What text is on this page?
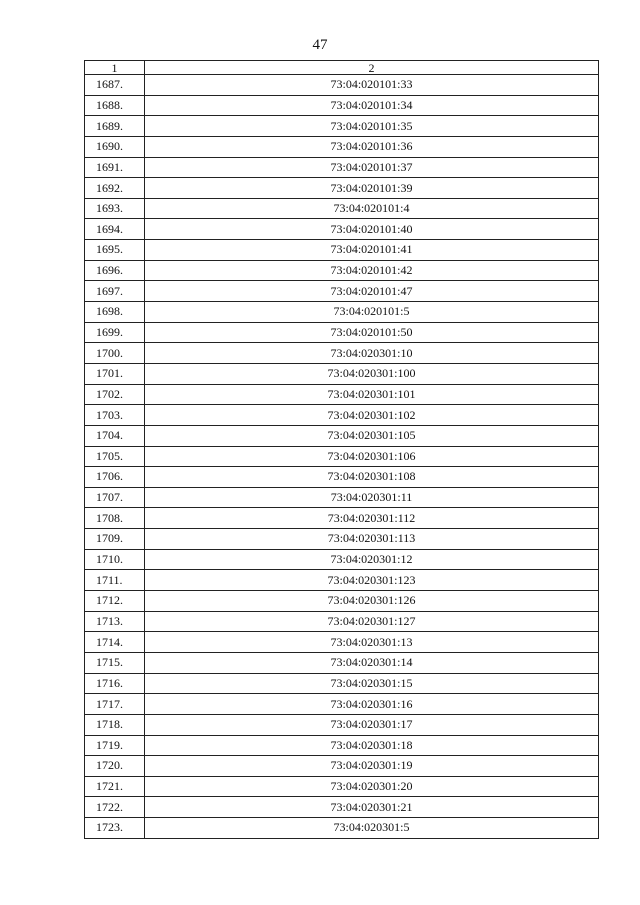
47
1	2
1687.	73:04:020101:33
1688.	73:04:020101:34
1689.	73:04:020101:35
1690.	73:04:020101:36
1691.	73:04:020101:37
1692.	73:04:020101:39
1693.	73:04:020101:4
1694.	73:04:020101:40
1695.	73:04:020101:41
1696.	73:04:020101:42
1697.	73:04:020101:47
1698.	73:04:020101:5
1699.	73:04:020101:50
1700.	73:04:020301:10
1701.	73:04:020301:100
1702.	73:04:020301:101
1703.	73:04:020301:102
1704.	73:04:020301:105
1705.	73:04:020301:106
1706.	73:04:020301:108
1707.	73:04:020301:11
1708.	73:04:020301:112
1709.	73:04:020301:113
1710.	73:04:020301:12
1711.	73:04:020301:123
1712.	73:04:020301:126
1713.	73:04:020301:127
1714.	73:04:020301:13
1715.	73:04:020301:14
1716.	73:04:020301:15
1717.	73:04:020301:16
1718.	73:04:020301:17
1719.	73:04:020301:18
1720.	73:04:020301:19
1721.	73:04:020301:20
1722.	73:04:020301:21
1723.	73:04:020301:5
